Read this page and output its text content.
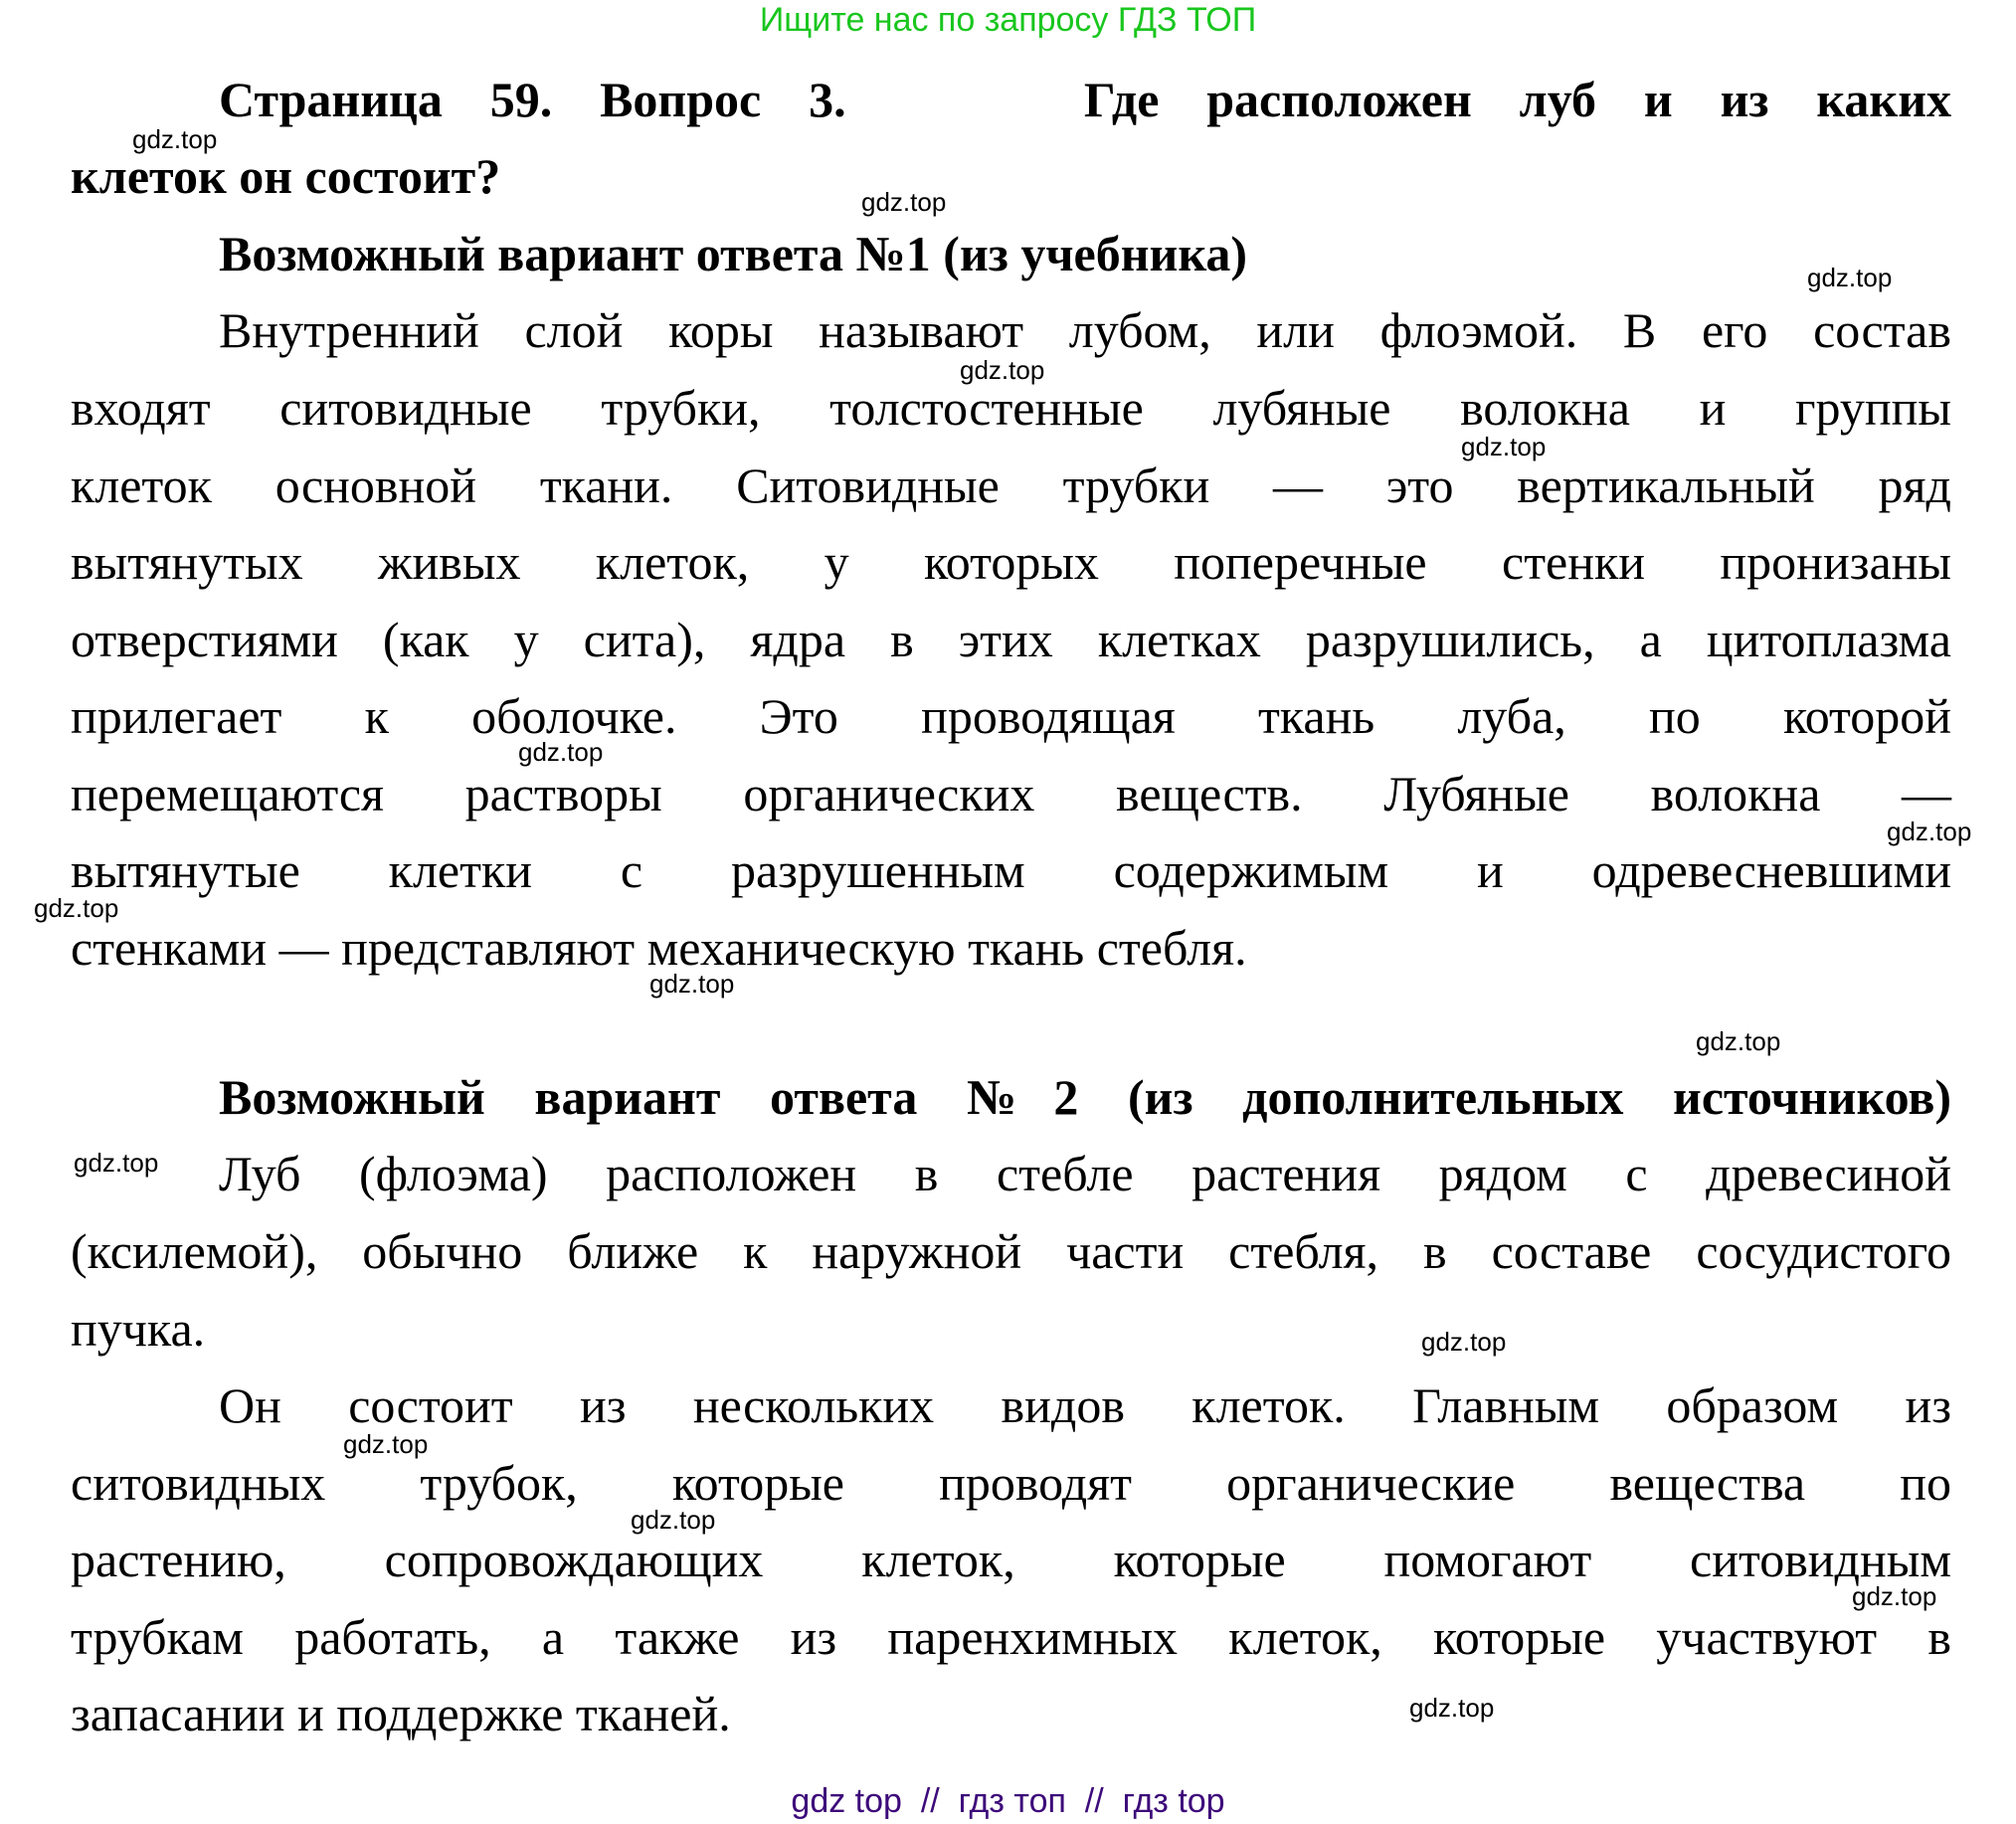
Ищите нас по запросу ГДЗ ТОП
Страница 59. Вопрос 3.     Где расположен луб и из каких
клеток он состоит?
Возможный вариант ответа №1 (из учебника)
Внутренний слой коры называют лубом, или флоэмой. В его состав
входят ситовидные трубки, толстостенные лубяные волокна и группы
клеток основной ткани. Ситовидные трубки — это вертикальный ряд
вытянутых живых клеток, у которых поперечные стенки пронизаны
отверстиями (как у сита), ядра в этих клетках разрушились, а цитоплазма
прилегает к оболочке. Это проводящая ткань луба, по которой
перемещаются растворы органических веществ. Лубяные волокна —
вытянутые клетки с разрушенным содержимым и одревесневшими
стенками — представляют механическую ткань стебля.
Возможный вариант ответа №2 (из дополнительных источников)
Луб (флоэма) расположен в стебле растения рядом с древесиной
(ксилемой), обычно ближе к наружной части стебля, в составе сосудистого
пучка.
Он состоит из нескольких видов клеток. Главным образом из
ситовидных трубок, которые проводят органические вещества по
растению, сопровождающих клеток, которые помогают ситовидным
трубкам работать, а также из паренхимных клеток, которые участвуют в
запасании и поддержке тканей.
gdz.top
gdz.top
gdz.top
gdz.top
gdz.top
gdz.top
gdz.top
gdz.top
gdz.top
gdz.top
gdz.top
gdz.top
gdz.top
gdz.top
gdz.top
gdz.top
gdz top  //  гдз топ  //  гдз top
